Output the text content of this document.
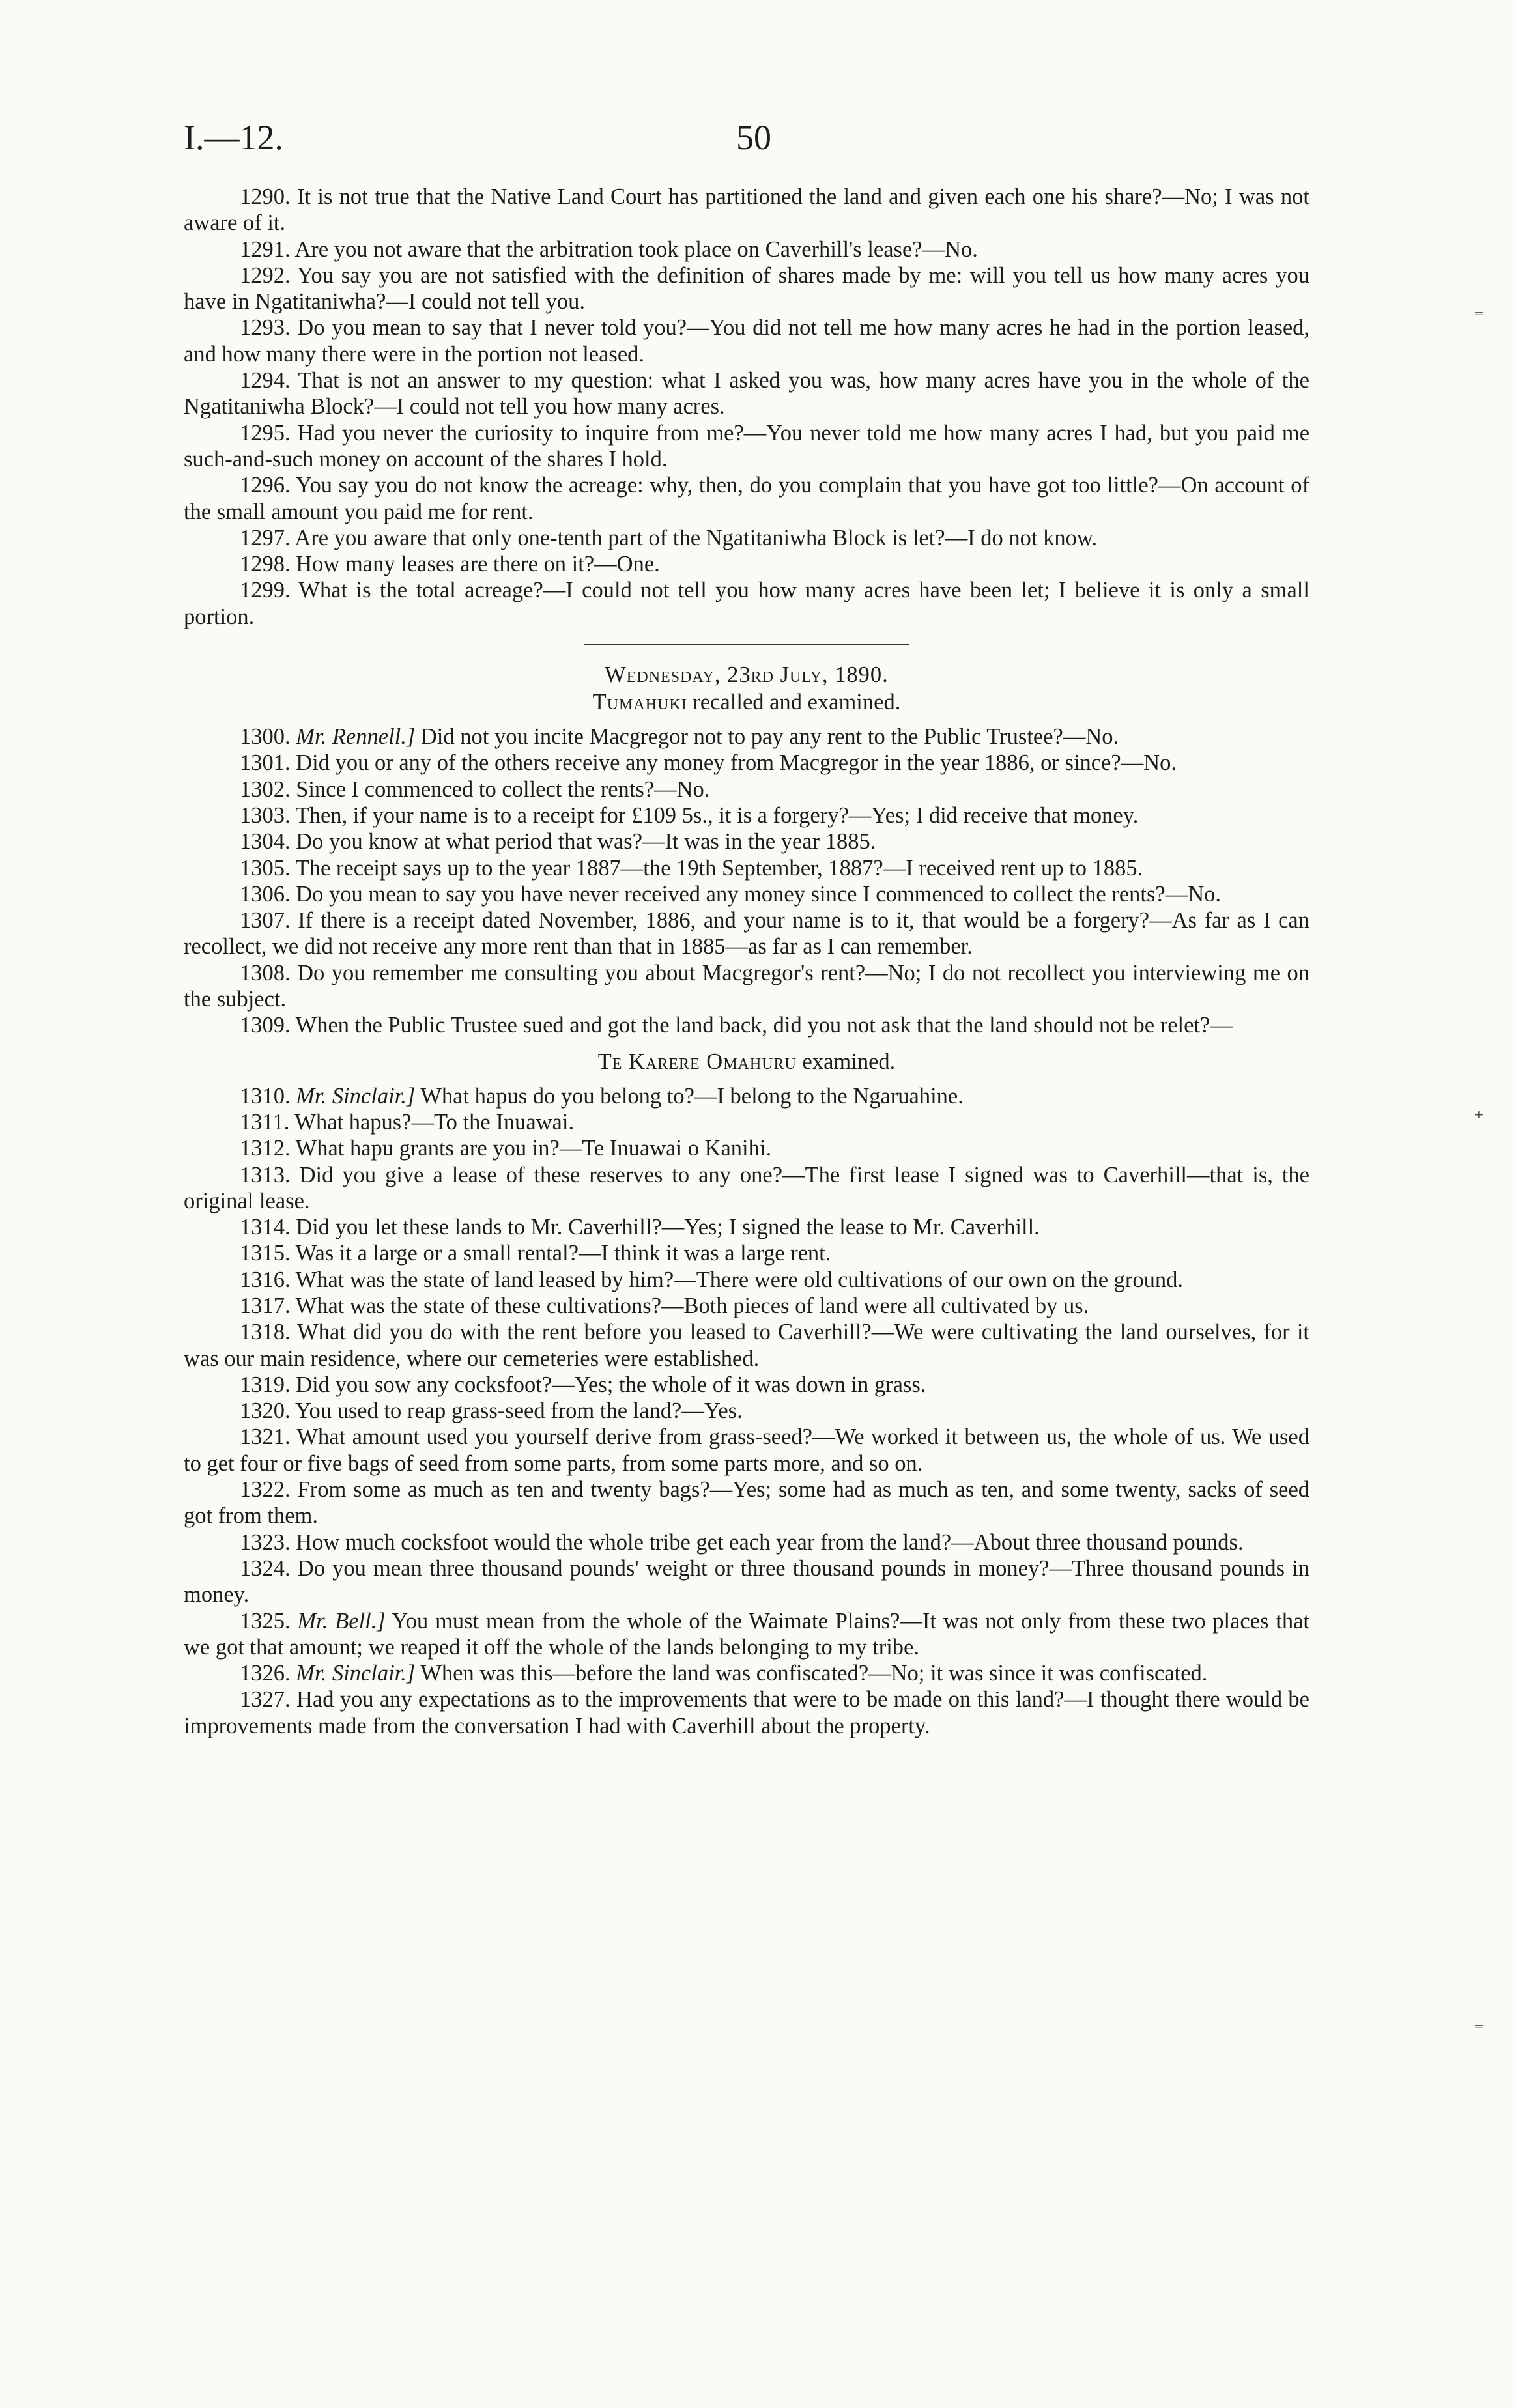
I.—12.	50
⁼
⁺
⁼

1290. It is not true that the Native Land Court has partitioned the land and given each one his share?—No; I was not aware of it.

1291. Are you not aware that the arbitration took place on Caverhill's lease?—No.

1292. You say you are not satisfied with the definition of shares made by me: will you tell us how many acres you have in Ngatitaniwha?—I could not tell you.

1293. Do you mean to say that I never told you?—You did not tell me how many acres he had in the portion leased, and how many there were in the portion not leased.

1294. That is not an answer to my question: what I asked you was, how many acres have you in the whole of the Ngatitaniwha Block?—I could not tell you how many acres.

1295. Had you never the curiosity to inquire from me?—You never told me how many acres I had, but you paid me such-and-such money on account of the shares I hold.

1296. You say you do not know the acreage: why, then, do you complain that you have got too little?—On account of the small amount you paid me for rent.

1297. Are you aware that only one-tenth part of the Ngatitaniwha Block is let?—I do not know.

1298. How many leases are there on it?—One.

1299. What is the total acreage?—I could not tell you how many acres have been let; I believe it is only a small portion.

Wednesday, 23rd July, 1890.

Tumahuki recalled and examined.

1300. Mr. Rennell.] Did not you incite Macgregor not to pay any rent to the Public Trustee?—No.

1301. Did you or any of the others receive any money from Macgregor in the year 1886, or since?—No.

1302. Since I commenced to collect the rents?—No.

1303. Then, if your name is to a receipt for £109 5s., it is a forgery?—Yes; I did receive that money.

1304. Do you know at what period that was?—It was in the year 1885.

1305. The receipt says up to the year 1887—the 19th September, 1887?—I received rent up to 1885.

1306. Do you mean to say you have never received any money since I commenced to collect the rents?—No.

1307. If there is a receipt dated November, 1886, and your name is to it, that would be a forgery?—As far as I can recollect, we did not receive any more rent than that in 1885—as far as I can remember.

1308. Do you remember me consulting you about Macgregor's rent?—No; I do not recollect you interviewing me on the subject.

1309. When the Public Trustee sued and got the land back, did you not ask that the land should not be relet?—

Te Karere Omahuru examined.

1310. Mr. Sinclair.] What hapus do you belong to?—I belong to the Ngaruahine.

1311. What hapus?—To the Inuawai.

1312. What hapu grants are you in?—Te Inuawai o Kanihi.

1313. Did you give a lease of these reserves to any one?—The first lease I signed was to Caverhill—that is, the original lease.

1314. Did you let these lands to Mr. Caverhill?—Yes; I signed the lease to Mr. Caverhill.

1315. Was it a large or a small rental?—I think it was a large rent.

1316. What was the state of land leased by him?—There were old cultivations of our own on the ground.

1317. What was the state of these cultivations?—Both pieces of land were all cultivated by us.

1318. What did you do with the rent before you leased to Caverhill?—We were cultivating the land ourselves, for it was our main residence, where our cemeteries were established.

1319. Did you sow any cocksfoot?—Yes; the whole of it was down in grass.

1320. You used to reap grass-seed from the land?—Yes.

1321. What amount used you yourself derive from grass-seed?—We worked it between us, the whole of us. We used to get four or five bags of seed from some parts, from some parts more, and so on.

1322. From some as much as ten and twenty bags?—Yes; some had as much as ten, and some twenty, sacks of seed got from them.

1323. How much cocksfoot would the whole tribe get each year from the land?—About three thousand pounds.

1324. Do you mean three thousand pounds' weight or three thousand pounds in money?—Three thousand pounds in money.

1325. Mr. Bell.] You must mean from the whole of the Waimate Plains?—It was not only from these two places that we got that amount; we reaped it off the whole of the lands belonging to my tribe.

1326. Mr. Sinclair.] When was this—before the land was confiscated?—No; it was since it was confiscated.

1327. Had you any expectations as to the improvements that were to be made on this land?—I thought there would be improvements made from the conversation I had with Caverhill about the property.
